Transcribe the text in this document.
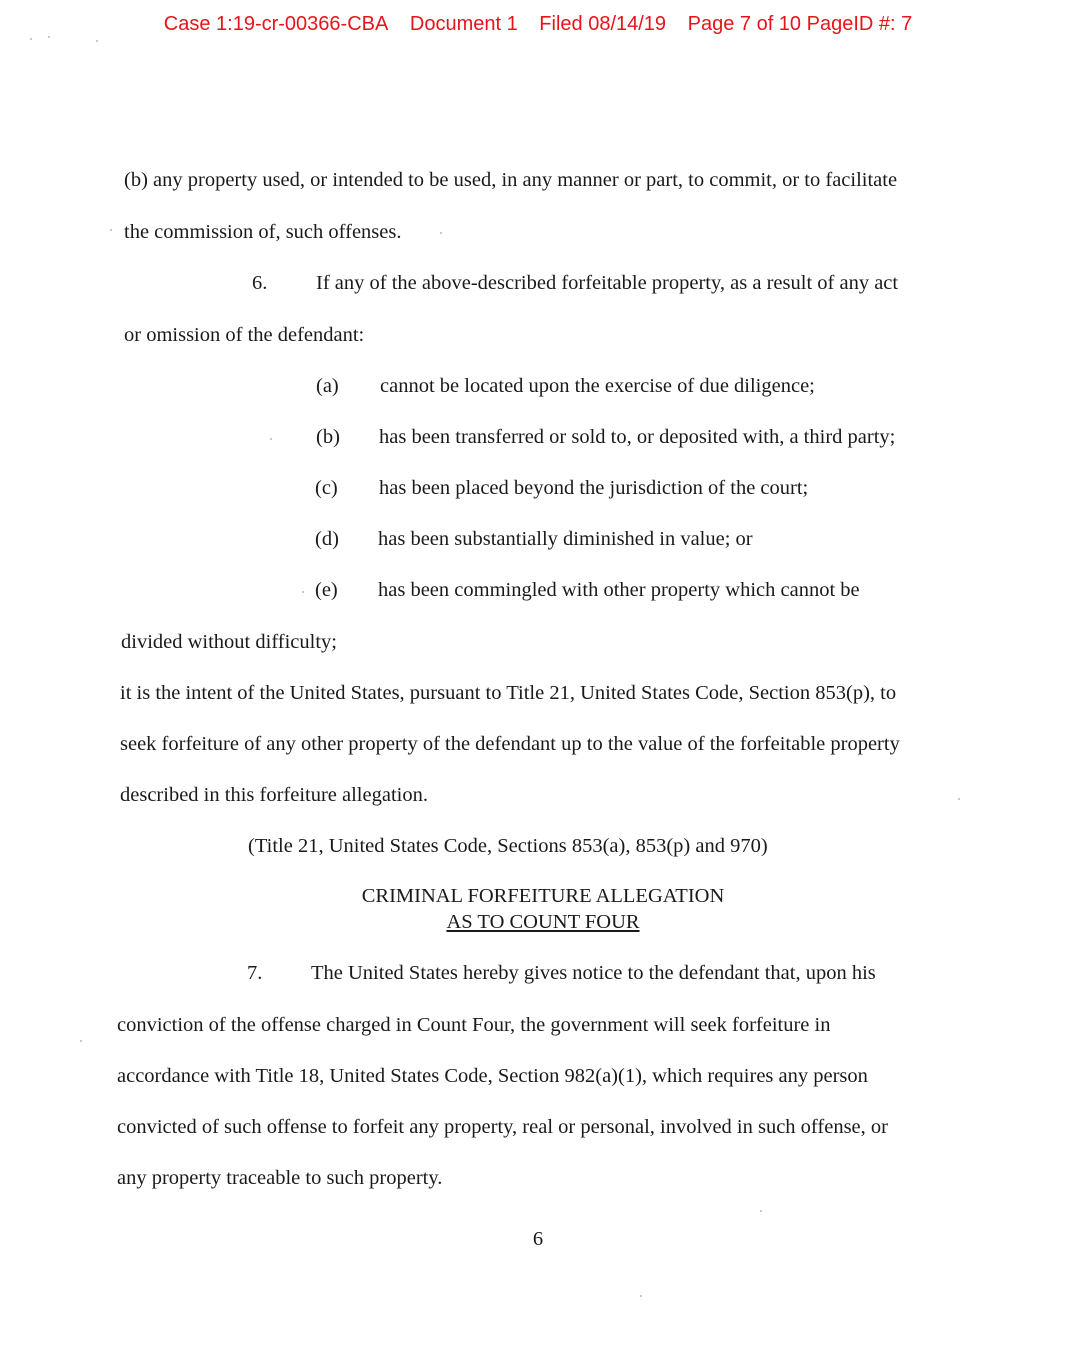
Case 1:19-cr-00366-CBA Document 1 Filed 08/14/19 Page 7 of 10 PageID #: 7
(b) any property used, or intended to be used, in any manner or part, to commit, or to facilitate
the commission of, such offenses.
6. If any of the above-described forfeitable property, as a result of any act
or omission of the defendant:
(a) cannot be located upon the exercise of due diligence;
(b) has been transferred or sold to, or deposited with, a third party;
(c) has been placed beyond the jurisdiction of the court;
(d) has been substantially diminished in value; or
(e) has been commingled with other property which cannot be
divided without difficulty;
it is the intent of the United States, pursuant to Title 21, United States Code, Section 853(p), to
seek forfeiture of any other property of the defendant up to the value of the forfeitable property
described in this forfeiture allegation.
(Title 21, United States Code, Sections 853(a), 853(p) and 970)
CRIMINAL FORFEITURE ALLEGATION
AS TO COUNT FOUR
7. The United States hereby gives notice to the defendant that, upon his
conviction of the offense charged in Count Four, the government will seek forfeiture in
accordance with Title 18, United States Code, Section 982(a)(1), which requires any person
convicted of such offense to forfeit any property, real or personal, involved in such offense, or
any property traceable to such property.
6
